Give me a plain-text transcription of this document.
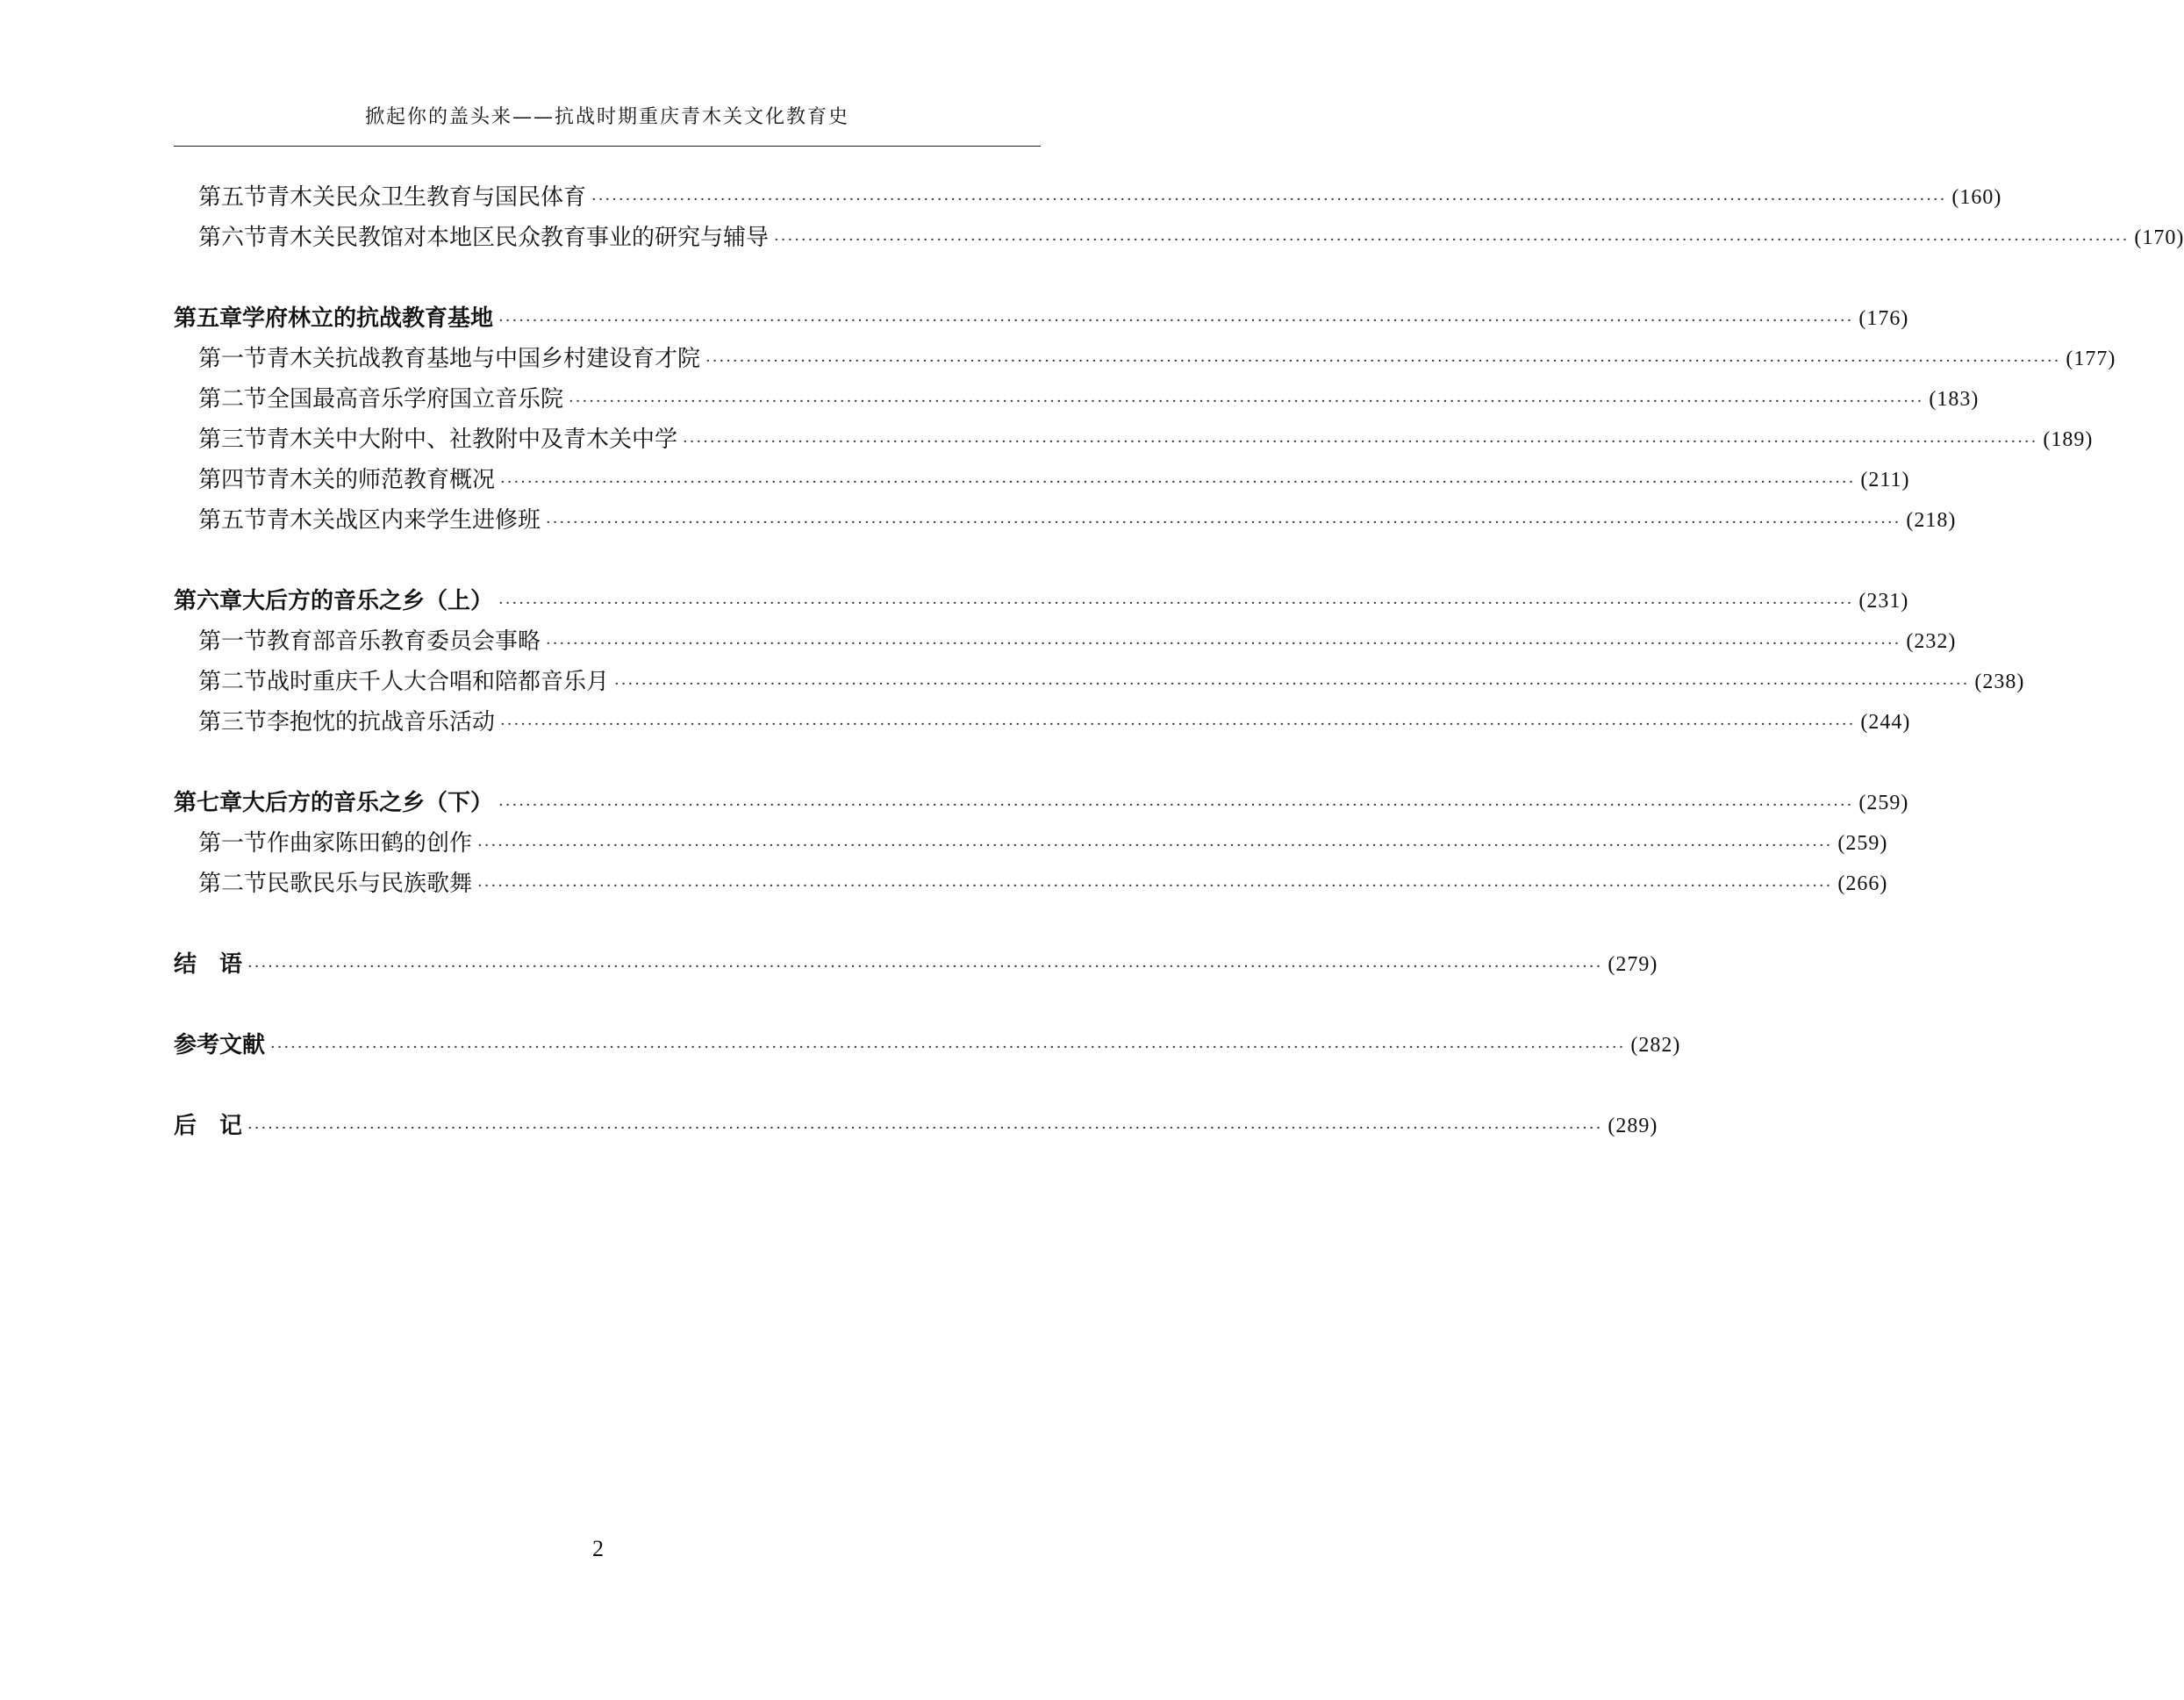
掀起你的盖头来——抗战时期重庆青木关文化教育史
第五节 青木关民众卫生教育与国民体育 ········································································································································································································ (160)
第六节 青木关民教馆对本地区民众教育事业的研究与辅导 ········································································································································································································ (170)
第五章 学府林立的抗战教育基地 ········································································································································································································ (176)
第一节 青木关抗战教育基地与中国乡村建设育才院 ········································································································································································································ (177)
第二节 全国最高音乐学府国立音乐院 ········································································································································································································ (183)
第三节 青木关中大附中、社教附中及青木关中学 ········································································································································································································ (189)
第四节 青木关的师范教育概况 ········································································································································································································ (211)
第五节 青木关战区内来学生进修班 ········································································································································································································ (218)
第六章 大后方的音乐之乡（上） ········································································································································································································ (231)
第一节 教育部音乐教育委员会事略 ········································································································································································································ (232)
第二节 战时重庆千人大合唱和陪都音乐月 ········································································································································································································ (238)
第三节 李抱忱的抗战音乐活动 ········································································································································································································ (244)
第七章 大后方的音乐之乡（下） ········································································································································································································ (259)
第一节 作曲家陈田鹤的创作 ········································································································································································································ (259)
第二节 民歌民乐与民族歌舞 ········································································································································································································ (266)
结　语 ········································································································································································································ (279)
参考文献 ········································································································································································································ (282)
后　记 ········································································································································································································ (289)
2
